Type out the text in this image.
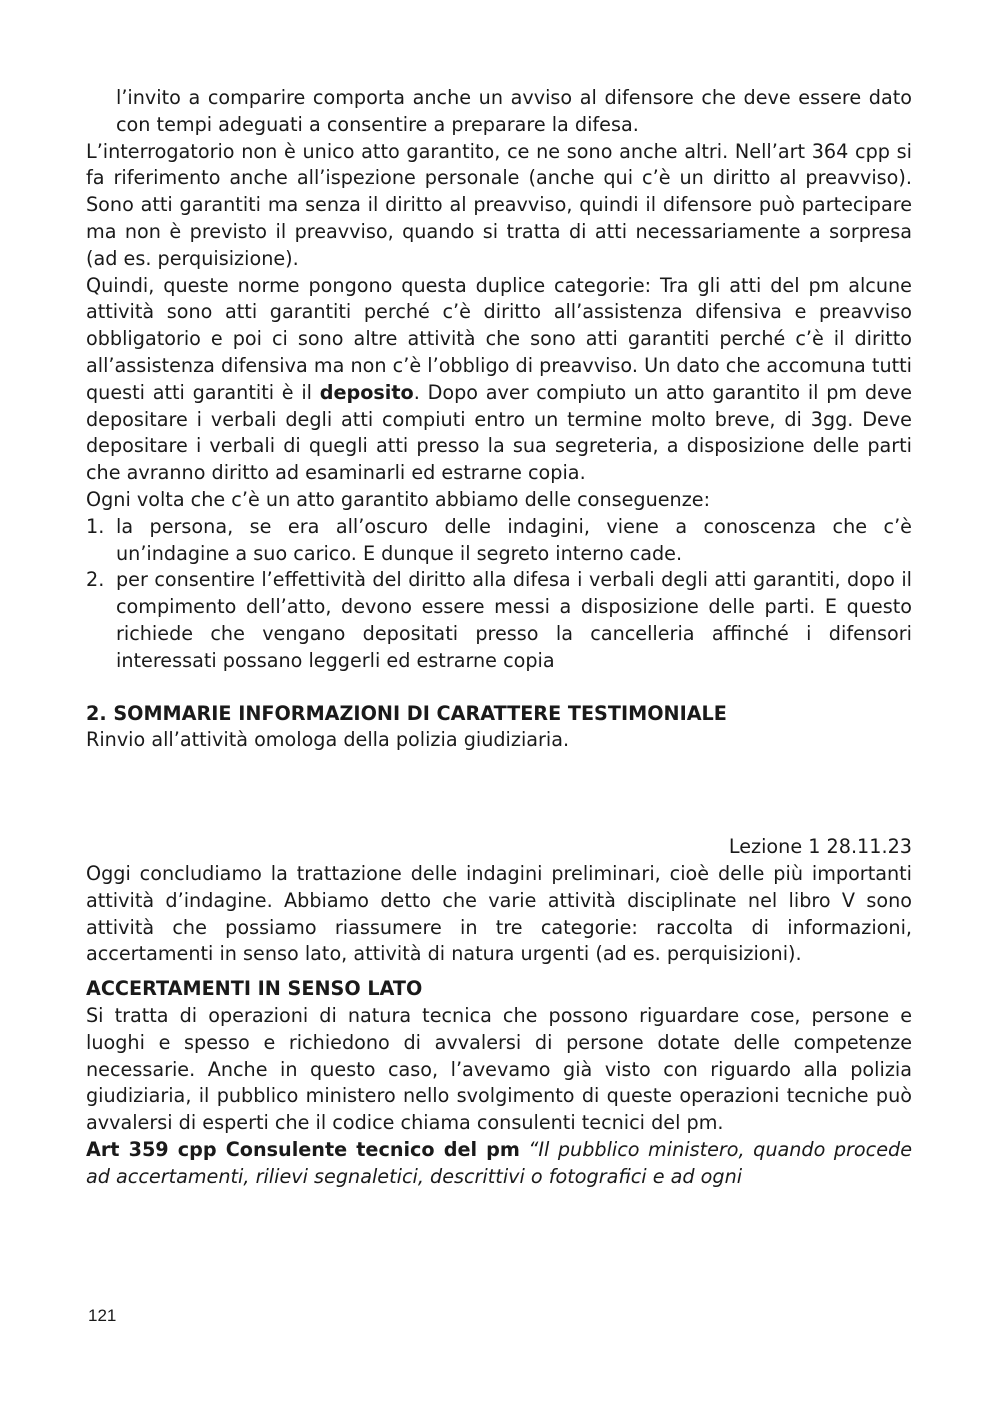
l’invito a comparire comporta anche un avviso al difensore che deve essere dato con tempi adeguati a consentire a preparare la difesa.

L’interrogatorio non è unico atto garantito, ce ne sono anche altri. Nell’art 364 cpp si fa riferimento anche all’ispezione personale (anche qui c’è un diritto al preavviso). Sono atti garantiti ma senza il diritto al preavviso, quindi il difensore può partecipare ma non è previsto il preavviso, quando si tratta di atti necessariamente a sorpresa (ad es. perquisizione).

Quindi, queste norme pongono questa duplice categorie: Tra gli atti del pm alcune attività sono atti garantiti perché c’è diritto all’assistenza difensiva e preavviso obbligatorio e poi ci sono altre attività che sono atti garantiti perché c’è il diritto all’assistenza difensiva ma non c’è l’obbligo di preavviso. Un dato che accomuna tutti questi atti garantiti è il deposito. Dopo aver compiuto un atto garantito il pm deve depositare i verbali degli atti compiuti entro un termine molto breve, di 3gg. Deve depositare i verbali di quegli atti presso la sua segreteria, a disposizione delle parti che avranno diritto ad esaminarli ed estrarne copia.

Ogni volta che c’è un atto garantito abbiamo delle conseguenze:

1. la persona, se era all’oscuro delle indagini, viene a conoscenza che c’è un’indagine a suo carico. E dunque il segreto interno cade.
2. per consentire l’effettività del diritto alla difesa i verbali degli atti garantiti, dopo il compimento dell’atto, devono essere messi a disposizione delle parti. E questo richiede che vengano depositati presso la cancelleria affinché i difensori interessati possano leggerli ed estrarne copia
2. SOMMARIE INFORMAZIONI DI CARATTERE TESTIMONIALE

Rinvio all’attività omologa della polizia giudiziaria.

Lezione 1 28.11.23

Oggi concludiamo la trattazione delle indagini preliminari, cioè delle più importanti attività d’indagine. Abbiamo detto che varie attività disciplinate nel libro V sono attività che possiamo riassumere in tre categorie: raccolta di informazioni, accertamenti in senso lato, attività di natura urgenti (ad es. perquisizioni).

ACCERTAMENTI IN SENSO LATO

Si tratta di operazioni di natura tecnica che possono riguardare cose, persone e luoghi e spesso e richiedono di avvalersi di persone dotate delle competenze necessarie. Anche in questo caso, l’avevamo già visto con riguardo alla polizia giudiziaria, il pubblico ministero nello svolgimento di queste operazioni tecniche può avvalersi di esperti che il codice chiama consulenti tecnici del pm.

Art 359 cpp Consulente tecnico del pm “Il pubblico ministero, quando procede ad accertamenti, rilievi segnaletici, descrittivi o fotografici e ad ogni

121
